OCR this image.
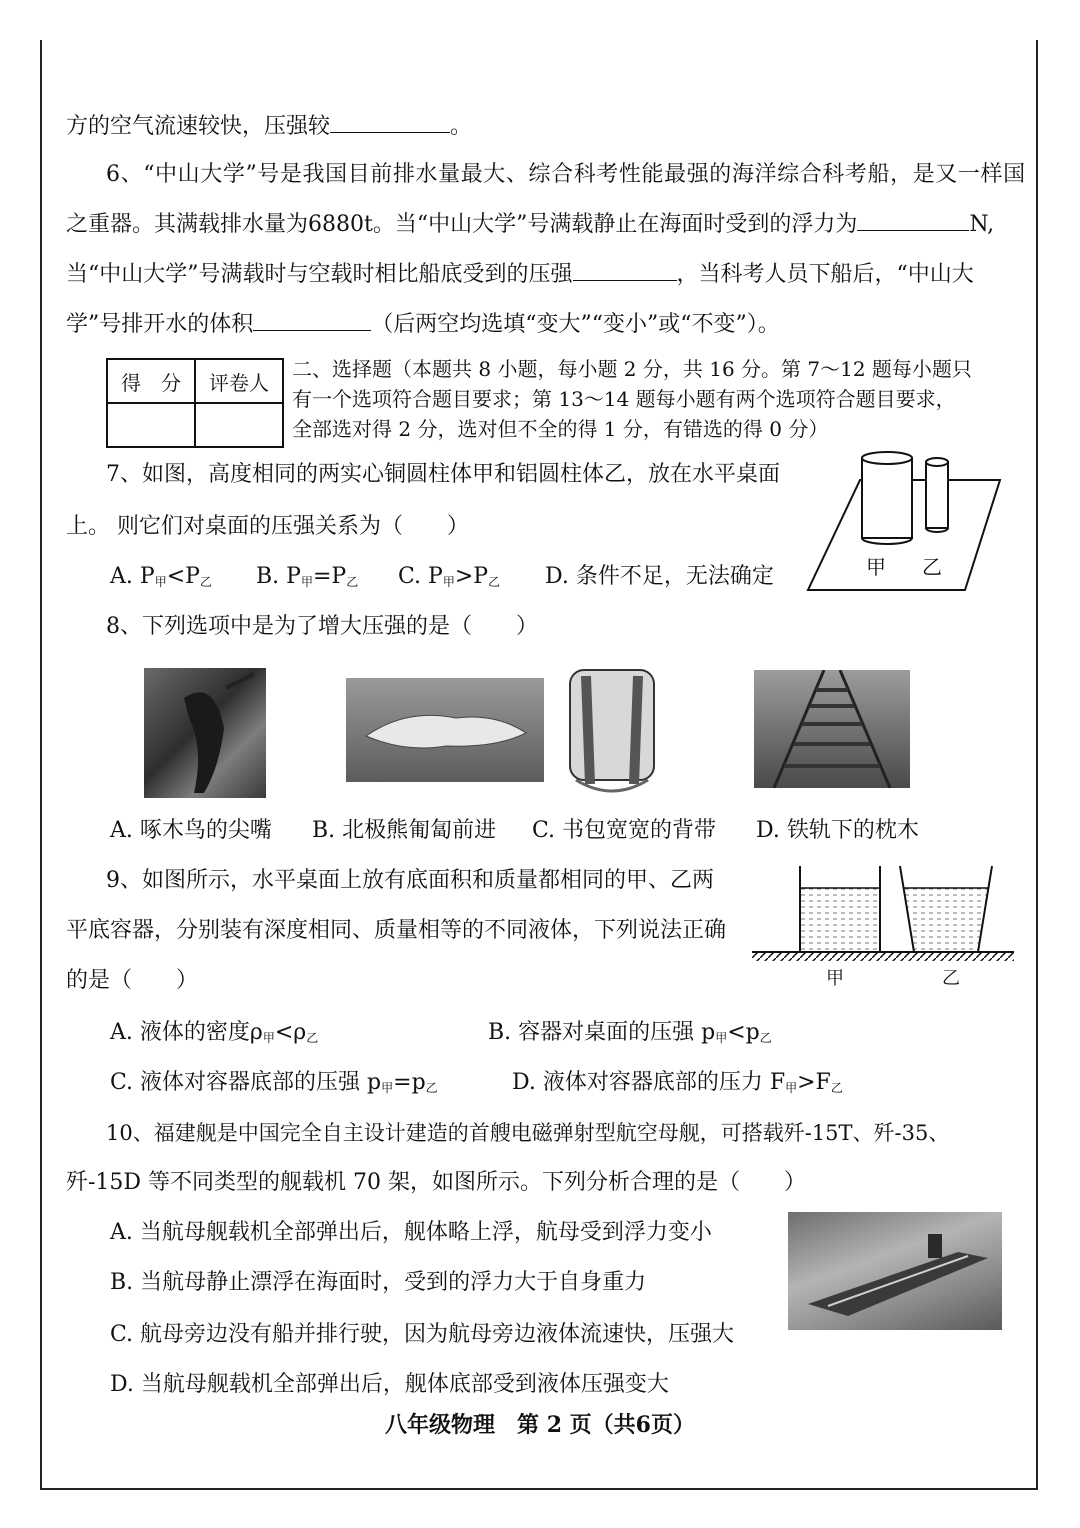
方的空气流速较快，压强较	。
6、“中山大学”号是我国目前排水量最大、综合科考性能最强的海洋综合科考船，是又一样国
之重器。其满载排水量为6880t。当“中山大学”号满载静止在海面时受到的浮力为	N,
当“中山大学”号满载时与空载时相比船底受到的压强	，当科考人员下船后，“中山大
学”号排开水的体积	（后两空均选填“变大”“变小”或“不变”）。
得　分	评卷人

二、选择题（本题共 8 小题，每小题 2 分，共 16 分。第 7～12 题每小题只
有一个选项符合题目要求；第 13～14 题每小题有两个选项符合题目要求，
全部选对得 2 分，选对但不全的得 1 分，有错选的得 0 分）
7、如图，高度相同的两实心铜圆柱体甲和铝圆柱体乙，放在水平桌面
上。 则它们对桌面的压强关系为（　　）
A. $P_甲<P_乙$ B. $P_甲=P_乙$ C. $P_甲>P_乙$ D. 条件不足，无法确定	甲 乙
8、下列选项中是为了增大压强的是（　　）
A. 啄木鸟的尖嘴 B. 北极熊匍匐前进 C. 书包宽宽的背带 D. 铁轨下的枕木
9、如图所示，水平桌面上放有底面积和质量都相同的甲、乙两
平底容器，分别装有深度相同、质量相等的不同液体，下列说法正确
的是（　　）	甲	乙
A. 液体的密度$\rho_甲<\rho_乙$	B. 容器对桌面的压强 $p_甲<p_乙$
C. 液体对容器底部的压强 $p_甲=p_乙$	D. 液体对容器底部的压力 $F_甲>F_乙$
10、福建舰是中国完全自主设计建造的首艘电磁弹射型航空母舰，可搭载歼-15T、歼-35、
歼-15D 等不同类型的舰载机 70 架，如图所示。下列分析合理的是（　　）
A. 当航母舰载机全部弹出后，舰体略上浮，航母受到浮力变小
B. 当航母静止漂浮在海面时，受到的浮力大于自身重力
C. 航母旁边没有船并排行驶，因为航母旁边液体流速快，压强大
D. 当航母舰载机全部弹出后，舰体底部受到液体压强变大
八年级物理　第 2 页（共6页）
